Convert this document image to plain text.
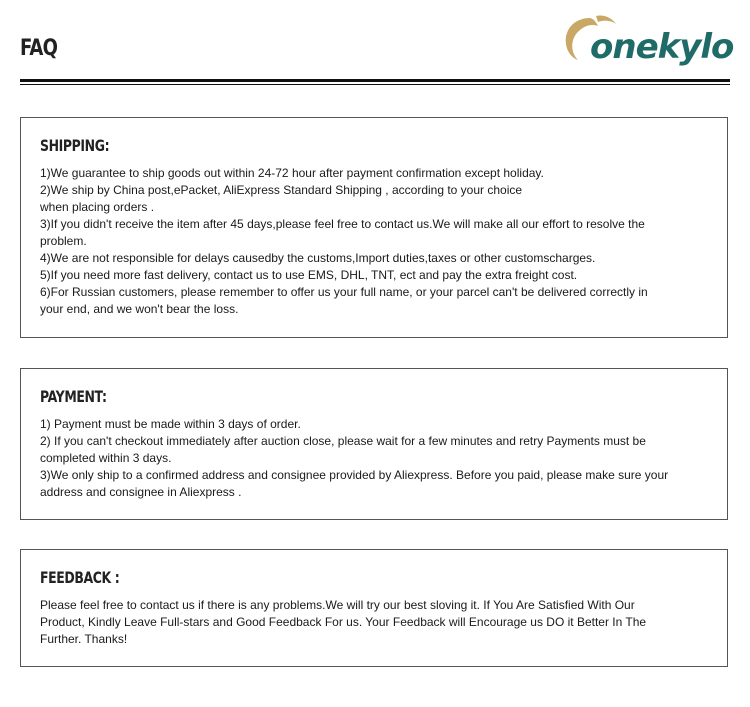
FAQ	onekylo
SHIPPING:

1)We guarantee to ship goods out within 24-72 hour after payment confirmation except holiday.

2)We ship by China post,ePacket, AliExpress Standard Shipping , according to your choice

when placing orders .

3)If you didn't receive the item after 45 days,please feel free to contact us.We will make all our effort to resolve the

problem.

4)We are not responsible for delays causedby the customs,Import duties,taxes or other customscharges.

5)If you need more fast delivery, contact us to use EMS, DHL, TNT, ect and pay the extra freight cost.

6)For Russian customers, please remember to offer us your full name, or your parcel can't be delivered correctly in

your end, and we won't bear the loss.

PAYMENT:

1) Payment must be made within 3 days of order.

2) If you can't checkout immediately after auction close, please wait for a few minutes and retry Payments must be

completed within 3 days.

3)We only ship to a confirmed address and consignee provided by Aliexpress. Before you paid, please make sure your

address and consignee in Aliexpress .

FEEDBACK :

Please feel free to contact us if there is any problems.We will try our best sloving it. If You Are Satisfied With Our

Product, Kindly Leave Full-stars and Good Feedback For us. Your Feedback will Encourage us DO it Better In The

Further. Thanks!
